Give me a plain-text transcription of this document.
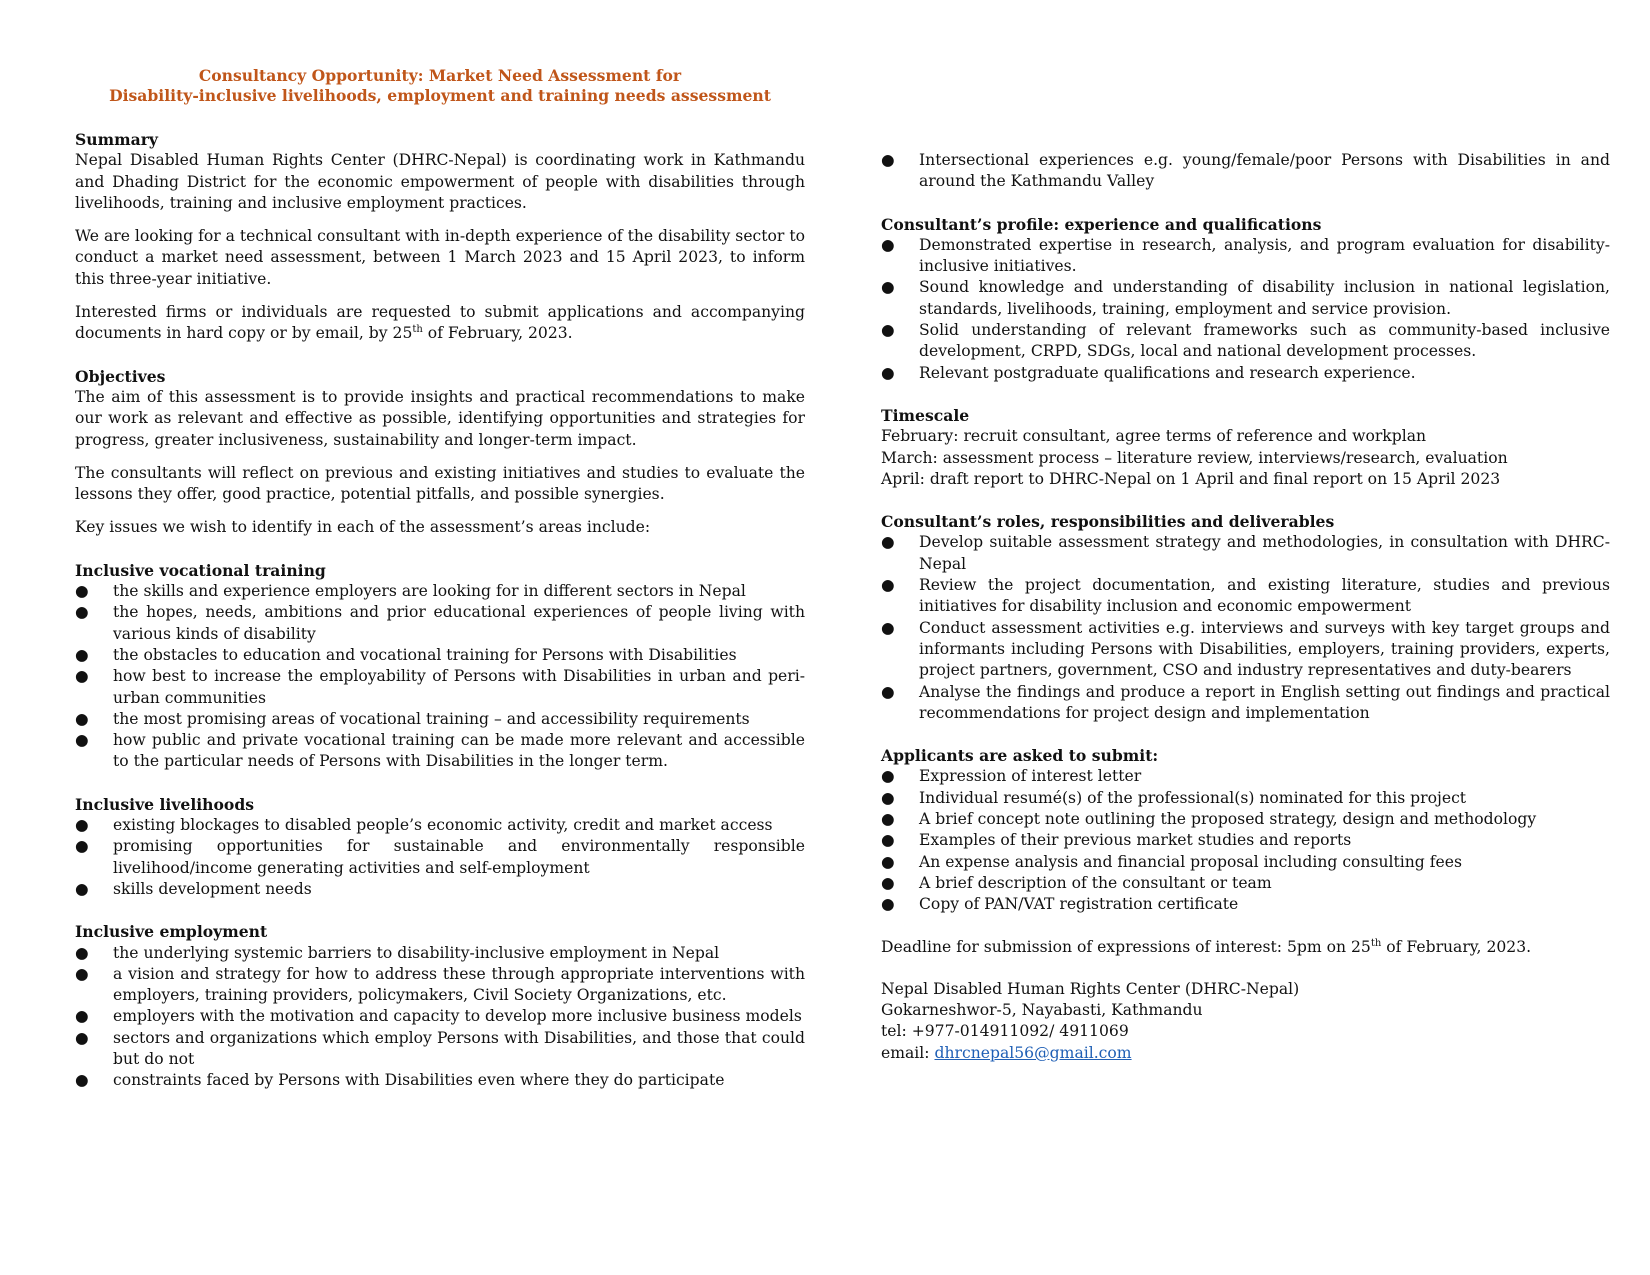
Consultancy Opportunity: Market Need Assessment for
Disability-inclusive livelihoods, employment and training needs assessment
Summary

Nepal Disabled Human Rights Center (DHRC-Nepal) is coordinating work in Kathmandu and Dhading District for the economic empowerment of people with disabilities through livelihoods, training and inclusive employment practices.

We are looking for a technical consultant with in-depth experience of the disability sector to conduct a market need assessment, between 1 March 2023 and 15 April 2023, to inform this three-year initiative.

Interested firms or individuals are requested to submit applications and accompanying documents in hard copy or by email, by 25th of February, 2023.

Objectives

The aim of this assessment is to provide insights and practical recommendations to make our work as relevant and effective as possible, identifying opportunities and strategies for progress, greater inclusiveness, sustainability and longer-term impact.

The consultants will reflect on previous and existing initiatives and studies to evaluate the lessons they offer, good practice, potential pitfalls, and possible synergies.

Key issues we wish to identify in each of the assessment’s areas include:

Inclusive vocational training
● the skills and experience employers are looking for in different sectors in Nepal
● the hopes, needs, ambitions and prior educational experiences of people living with various kinds of disability
● the obstacles to education and vocational training for Persons with Disabilities
● how best to increase the employability of Persons with Disabilities in urban and peri-urban communities
● the most promising areas of vocational training – and accessibility requirements
● how public and private vocational training can be made more relevant and accessible to the particular needs of Persons with Disabilities in the longer term.
Inclusive livelihoods
● existing blockages to disabled people’s economic activity, credit and market access
● promising opportunities for sustainable and environmentally responsible livelihood/income generating activities and self-employment
● skills development needs
Inclusive employment
● the underlying systemic barriers to disability-inclusive employment in Nepal
● a vision and strategy for how to address these through appropriate interventions with employers, training providers, policymakers, Civil Society Organizations, etc.
● employers with the motivation and capacity to develop more inclusive business models
● sectors and organizations which employ Persons with Disabilities, and those that could but do not
● constraints faced by Persons with Disabilities even where they do participate
● Intersectional experiences e.g. young/female/poor Persons with Disabilities in and around the Kathmandu Valley
Consultant’s profile: experience and qualifications
● Demonstrated expertise in research, analysis, and program evaluation for disability-inclusive initiatives.
● Sound knowledge and understanding of disability inclusion in national legislation, standards, livelihoods, training, employment and service provision.
● Solid understanding of relevant frameworks such as community-based inclusive development, CRPD, SDGs, local and national development processes.
● Relevant postgraduate qualifications and research experience.
Timescale
February: recruit consultant, agree terms of reference and workplan
March: assessment process – literature review, interviews/research, evaluation
April: draft report to DHRC-Nepal on 1 April and final report on 15 April 2023
Consultant’s roles, responsibilities and deliverables
● Develop suitable assessment strategy and methodologies, in consultation with DHRC-Nepal
● Review the project documentation, and existing literature, studies and previous initiatives for disability inclusion and economic empowerment
● Conduct assessment activities e.g. interviews and surveys with key target groups and informants including Persons with Disabilities, employers, training providers, experts, project partners, government, CSO and industry representatives and duty-bearers
● Analyse the findings and produce a report in English setting out findings and practical recommendations for project design and implementation
Applicants are asked to submit:
● Expression of interest letter
● Individual resumé(s) of the professional(s) nominated for this project
● A brief concept note outlining the proposed strategy, design and methodology
● Examples of their previous market studies and reports
● An expense analysis and financial proposal including consulting fees
● A brief description of the consultant or team
● Copy of PAN/VAT registration certificate

Deadline for submission of expressions of interest: 5pm on 25th of February, 2023.

Nepal Disabled Human Rights Center (DHRC-Nepal)
Gokarneshwor-5, Nayabasti, Kathmandu
tel: +977-014911092/ 4911069
email: dhrcnepal56@gmail.com
